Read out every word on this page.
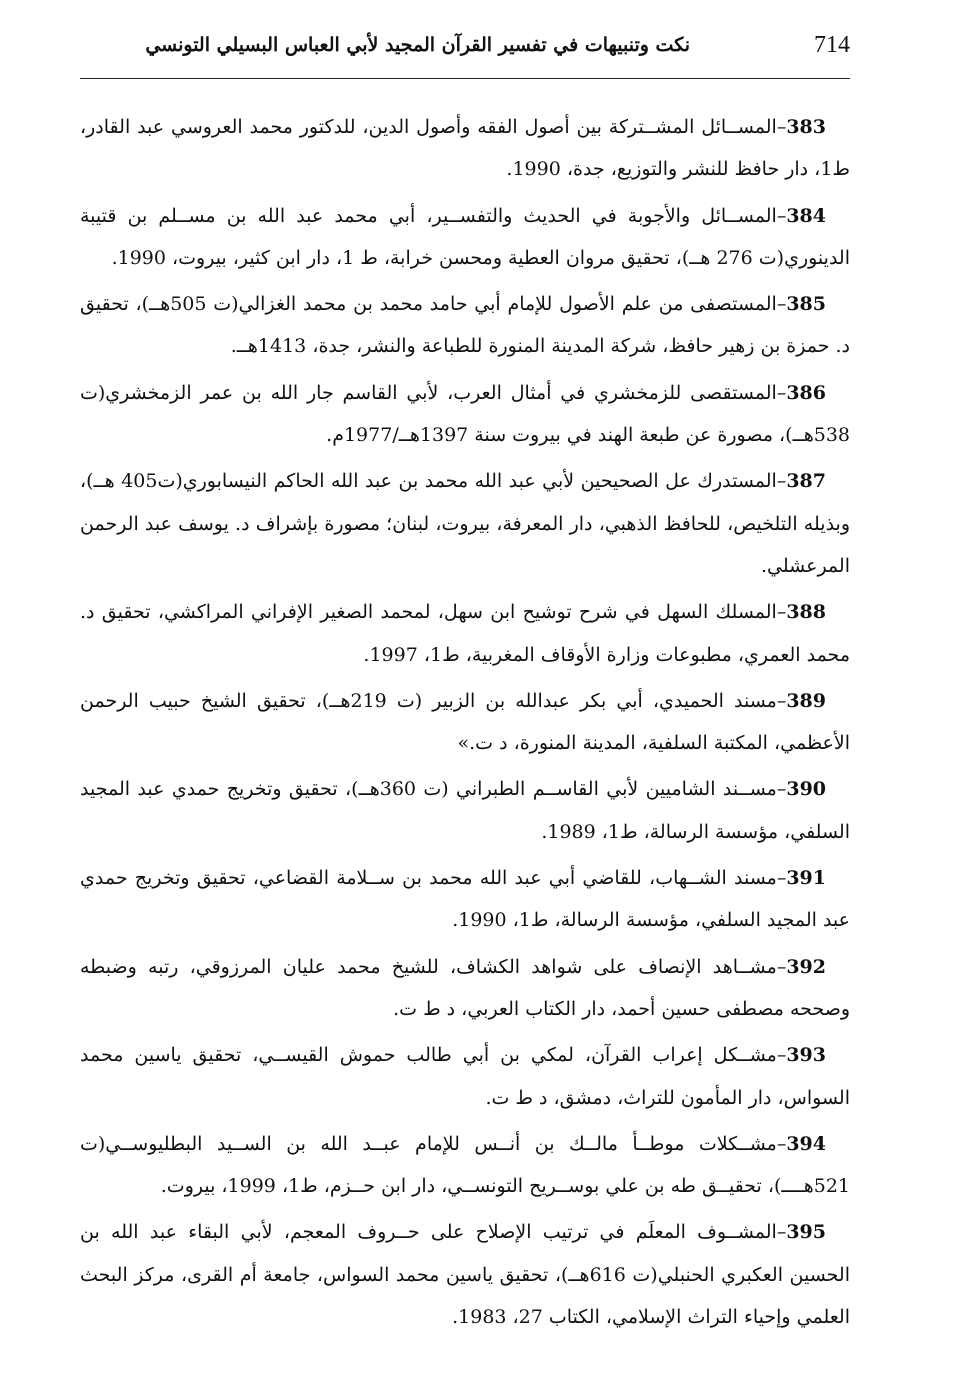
714
نكت وتنبيهات في تفسير القرآن المجيد لأبي العباس البسيلي التونسي

383–المســائل المشــتركة بين أصول الفقه وأصول الدين، للدكتور محمد العروسي عبد القادر، ط1، دار حافظ للنشر والتوزيع، جدة، 1990.

384–المســائل والأجوبة في الحديث والتفســير، أبي محمد عبد الله بن مســلم بن قتيبة الدينوري(ت 276 هــ)، تحقيق مروان العطية ومحسن خرابة، ط 1، دار ابن كثير، بيروت، 1990.

385–المستصفى من علم الأصول للإمام أبي حامد محمد بن محمد الغزالي(ت 505هــ)، تحقيق د. حمزة بن زهير حافظ، شركة المدينة المنورة للطباعة والنشر، جدة، 1413هــ.

386–المستقصى للزمخشري في أمثال العرب، لأبي القاسم جار الله بن عمر الزمخشري(ت 538هــ)، مصورة عن طبعة الهند في بيروت سنة 1397هــ/1977م.

387–المستدرك عل الصحيحين لأبي عبد الله محمد بن عبد الله الحاكم النيسابوري(ت405 هــ)، وبذيله التلخيص، للحافظ الذهبي، دار المعرفة، بيروت، لبنان؛ مصورة بإشراف د. يوسف عبد الرحمن المرعشلي.

388–المسلك السهل في شرح توشيح ابن سهل، لمحمد الصغير الإفراني المراكشي، تحقيق د. محمد العمري، مطبوعات وزارة الأوقاف المغربية، ط1، 1997.

389–مسند الحميدي، أبي بكر عبدالله بن الزبير (ت 219هــ)، تحقيق الشيخ حبيب الرحمن الأعظمي، المكتبة السلفية، المدينة المنورة، د ت.»

390–مســند الشاميين لأبي القاســم الطبراني (ت 360هــ)، تحقيق وتخريج حمدي عبد المجيد السلفي، مؤسسة الرسالة، ط1، 1989.

391–مسند الشــهاب، للقاضي أبي عبد الله محمد بن ســلامة القضاعي، تحقيق وتخريج حمدي عبد المجيد السلفي، مؤسسة الرسالة، ط1، 1990.

392–مشــاهد الإنصاف على شواهد الكشاف، للشيخ محمد عليان المرزوقي، رتبه وضبطه وصححه مصطفى حسين أحمد، دار الكتاب العربي، د ط ت.

393–مشــكل إعراب القرآن، لمكي بن أبي طالب حموش القيســي، تحقيق ياسين محمد السواس، دار المأمون للتراث، دمشق، د ط ت.

394–مشــكلات موطــأ مالــك بن أنــس للإمام عبــد الله بن الســيد البطليوســي(ت 521هــــ)، تحقيــق طه بن علي بوســريح التونســي، دار ابن حــزم، ط1، 1999، بيروت.

395–المشــوف المعلَم في ترتيب الإصلاح على حــروف المعجم، لأبي البقاء عبد الله بن الحسين العكبري الحنبلي(ت 616هــ)، تحقيق ياسين محمد السواس، جامعة أم القرى، مركز البحث العلمي وإحياء التراث الإسلامي، الكتاب 27، 1983.
